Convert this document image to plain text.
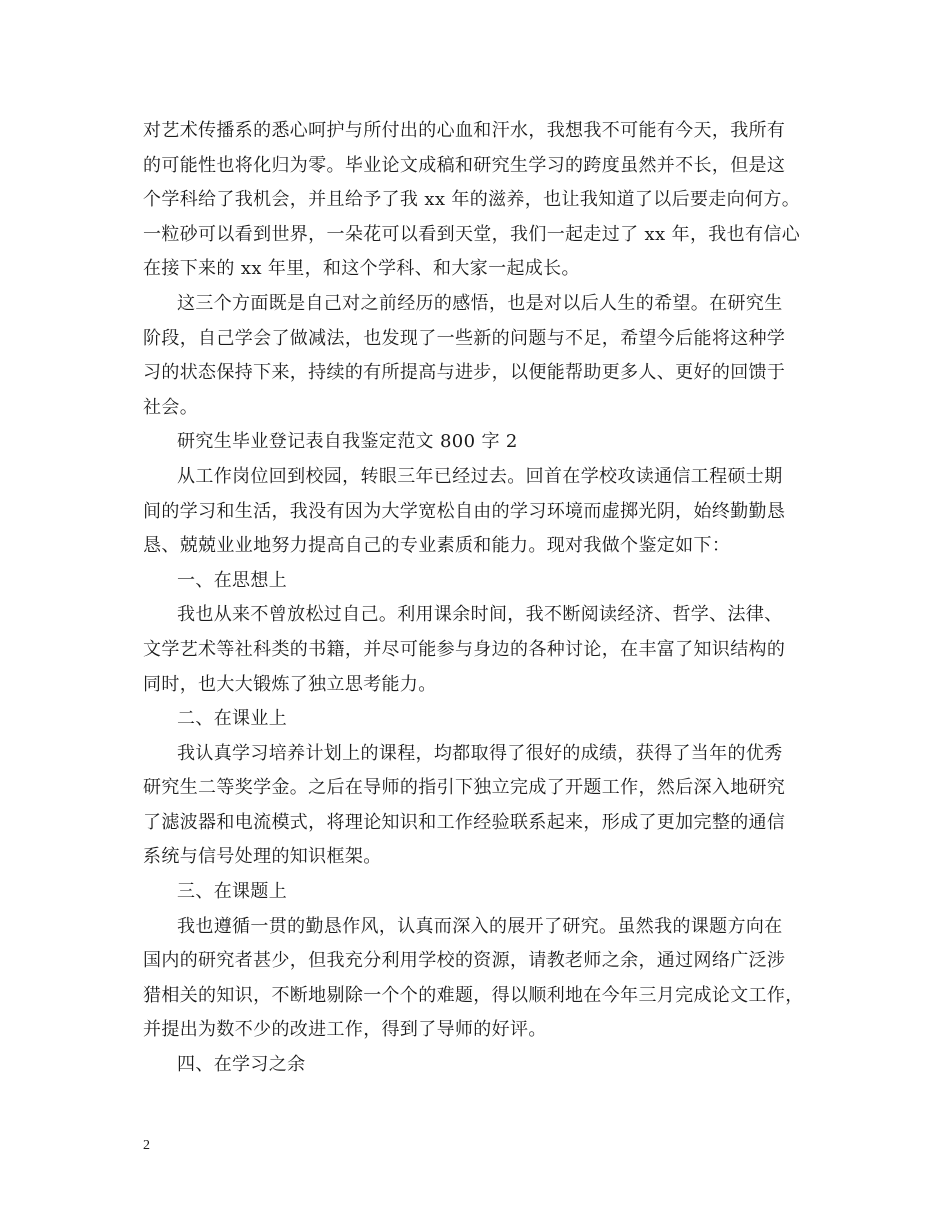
对艺术传播系的悉心呵护与所付出的心血和汗水，我想我不可能有今天，我所有
的可能性也将化归为零。毕业论文成稿和研究生学习的跨度虽然并不长，但是这
个学科给了我机会，并且给予了我 xx 年的滋养，也让我知道了以后要走向何方。
一粒砂可以看到世界，一朵花可以看到天堂，我们一起走过了 xx 年，我也有信心
在接下来的 xx 年里，和这个学科、和大家一起成长。
这三个方面既是自己对之前经历的感悟，也是对以后人生的希望。在研究生
阶段，自己学会了做减法，也发现了一些新的问题与不足，希望今后能将这种学
习的状态保持下来，持续的有所提高与进步，以便能帮助更多人、更好的回馈于
社会。
研究生毕业登记表自我鉴定范文 800 字 2
从工作岗位回到校园，转眼三年已经过去。回首在学校攻读通信工程硕士期
间的学习和生活，我没有因为大学宽松自由的学习环境而虚掷光阴，始终勤勤恳
恳、兢兢业业地努力提高自己的专业素质和能力。现对我做个鉴定如下：
一、在思想上
我也从来不曾放松过自己。利用课余时间，我不断阅读经济、哲学、法律、
文学艺术等社科类的书籍，并尽可能参与身边的各种讨论，在丰富了知识结构的
同时，也大大锻炼了独立思考能力。
二、在课业上
我认真学习培养计划上的课程，均都取得了很好的成绩，获得了当年的优秀
研究生二等奖学金。之后在导师的指引下独立完成了开题工作，然后深入地研究
了滤波器和电流模式，将理论知识和工作经验联系起来，形成了更加完整的通信
系统与信号处理的知识框架。
三、在课题上
我也遵循一贯的勤恳作风，认真而深入的展开了研究。虽然我的课题方向在
国内的研究者甚少，但我充分利用学校的资源，请教老师之余，通过网络广泛涉
猎相关的知识，不断地剔除一个个的难题，得以顺利地在今年三月完成论文工作，
并提出为数不少的改进工作，得到了导师的好评。
四、在学习之余
2
